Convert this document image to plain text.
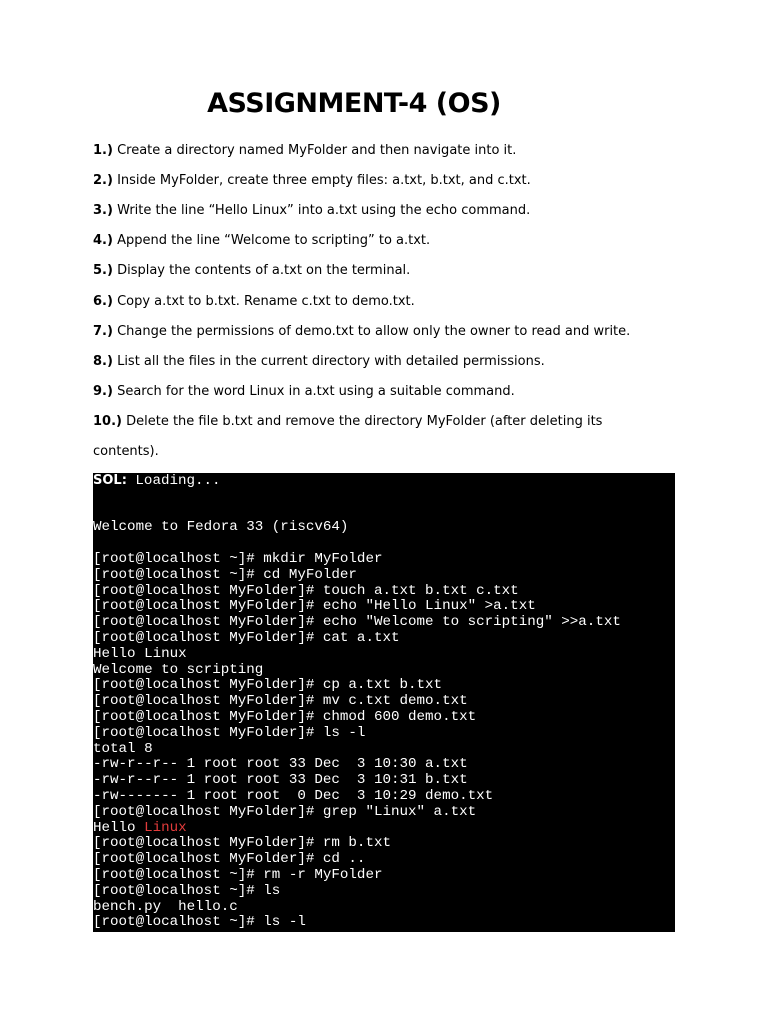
ASSIGNMENT-4 (OS)
1.) Create a directory named MyFolder and then navigate into it.
2.) Inside MyFolder, create three empty files: a.txt, b.txt, and c.txt.
3.) Write the line “Hello Linux” into a.txt using the echo command.
4.) Append the line “Welcome to scripting” to a.txt.
5.) Display the contents of a.txt on the terminal.
6.) Copy a.txt to b.txt. Rename c.txt to demo.txt.
7.) Change the permissions of demo.txt to allow only the owner to read and write.
8.) List all the files in the current directory with detailed permissions.
9.) Search for the word Linux in a.txt using a suitable command.
10.) Delete the file b.txt and remove the directory MyFolder (after deleting its
contents).
SOL: Loading...
Welcome to Fedora 33 (riscv64)
[root@localhost ~]# mkdir MyFolder
[root@localhost ~]# cd MyFolder
[root@localhost MyFolder]# touch a.txt b.txt c.txt
[root@localhost MyFolder]# echo "Hello Linux" >a.txt
[root@localhost MyFolder]# echo "Welcome to scripting" >>a.txt
[root@localhost MyFolder]# cat a.txt
Hello Linux
Welcome to scripting
[root@localhost MyFolder]# cp a.txt b.txt
[root@localhost MyFolder]# mv c.txt demo.txt
[root@localhost MyFolder]# chmod 600 demo.txt
[root@localhost MyFolder]# ls -l
total 8
-rw-r--r-- 1 root root 33 Dec  3 10:30 a.txt
-rw-r--r-- 1 root root 33 Dec  3 10:31 b.txt
-rw------- 1 root root  0 Dec  3 10:29 demo.txt
[root@localhost MyFolder]# grep "Linux" a.txt
Hello Linux
[root@localhost MyFolder]# rm b.txt
[root@localhost MyFolder]# cd ..
[root@localhost ~]# rm -r MyFolder
[root@localhost ~]# ls
bench.py  hello.c
[root@localhost ~]# ls -l
